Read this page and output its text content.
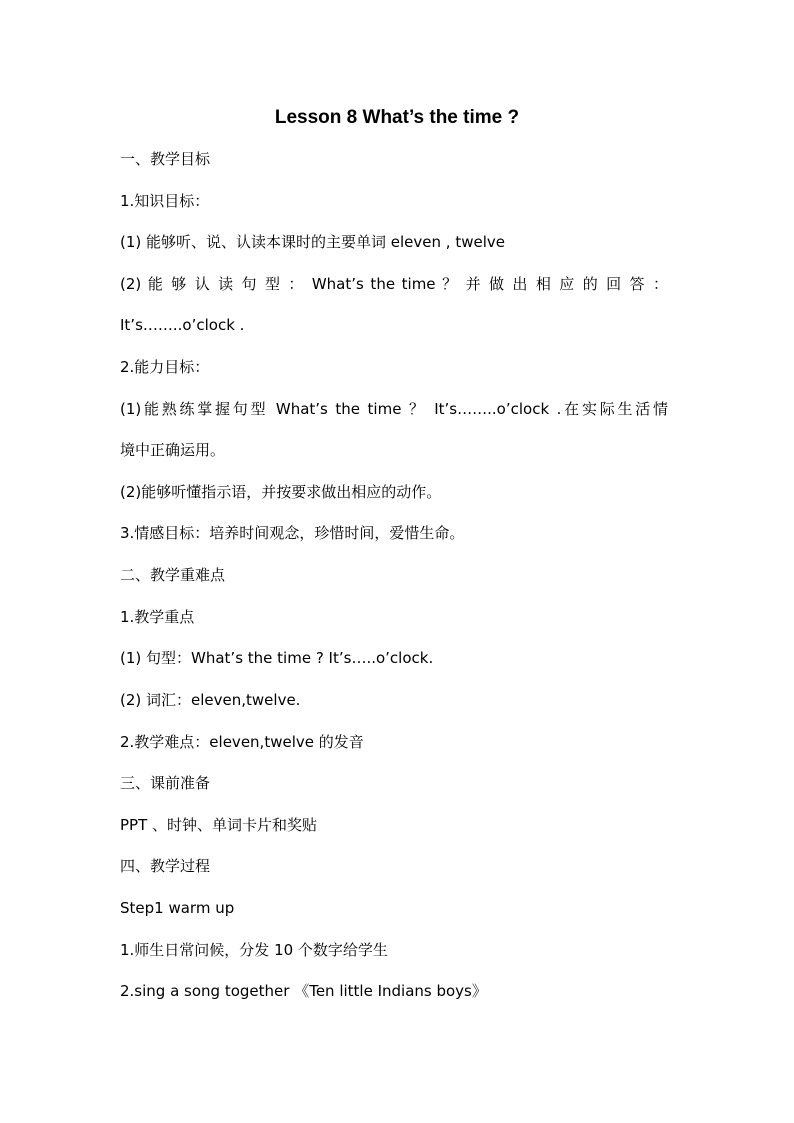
Lesson 8 What’s the time ?
一、教学目标
1.知识目标：
(1) 能够听、说、认读本课时的主要单词 eleven , twelve
(2) 能 够 认 读 句 型 ： What’s the time ？ 并 做 出 相 应 的 回 答 ：
It’s……..o’clock .
2.能力目标：
(1)能熟练掌握句型 What’s the time ？ It’s……..o’clock .在实际生活情
境中正确运用。
(2)能够听懂指示语，并按要求做出相应的动作。
3.情感目标：培养时间观念，珍惜时间，爱惜生命。
二、教学重难点
1.教学重点
(1) 句型：What’s the time ? It’s…..o’clock.
(2) 词汇：eleven,twelve.
2.教学难点：eleven,twelve 的发音
三、课前准备
PPT 、时钟、单词卡片和奖贴
四、教学过程
Step1 warm up
1.师生日常问候，分发 10 个数字给学生
2.sing a song together 《Ten little Indians boys》
